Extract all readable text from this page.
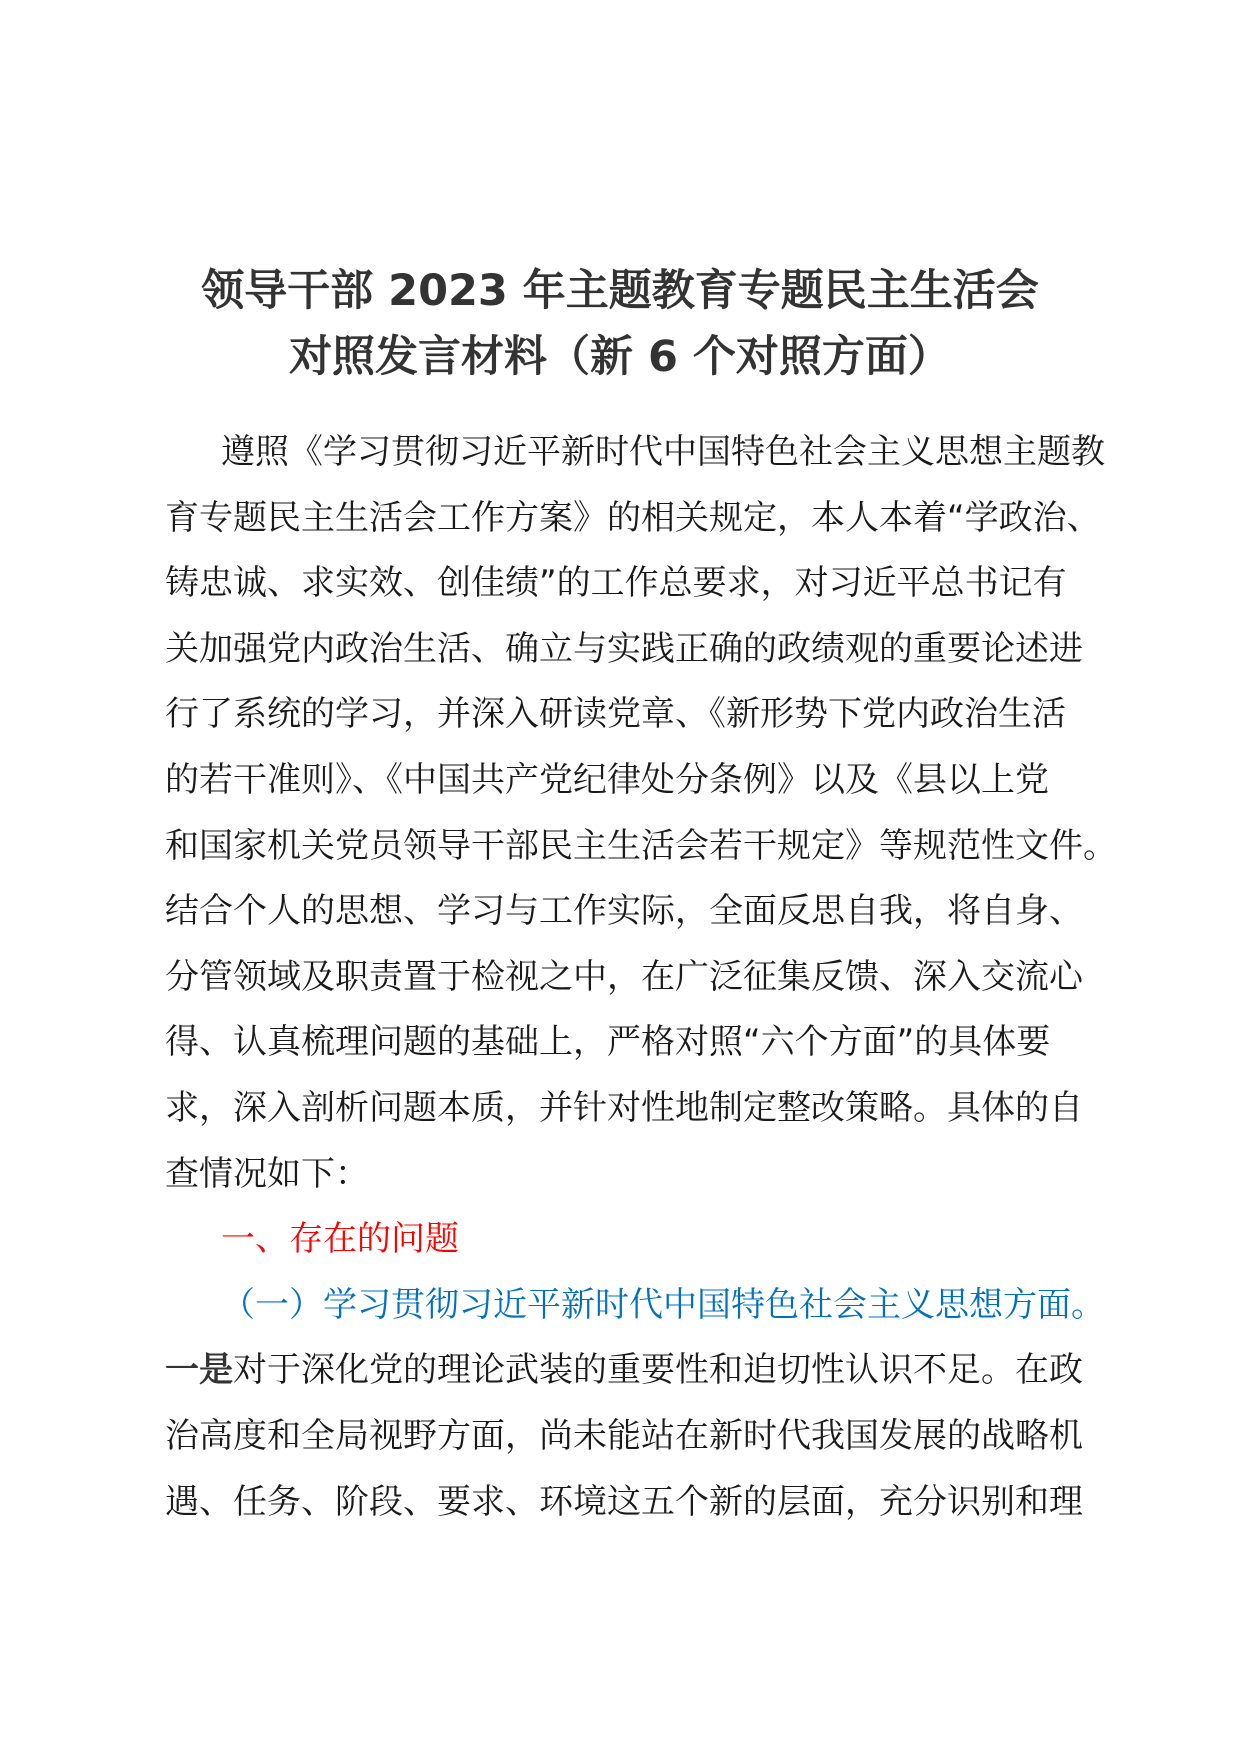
领导干部 2023 年主题教育专题民主生活会
对照发言材料（新 6 个对照方面）
遵照《学习贯彻习近平新时代中国特色社会主义思想主题教
育专题民主生活会工作方案》的相关规定，本人本着“学政治、
铸忠诚、求实效、创佳绩”的工作总要求，对习近平总书记有
关加强党内政治生活、确立与实践正确的政绩观的重要论述进
行了系统的学习，并深入研读党章、《新形势下党内政治生活
的若干准则》、《中国共产党纪律处分条例》以及《县以上党
和国家机关党员领导干部民主生活会若干规定》等规范性文件。
结合个人的思想、学习与工作实际，全面反思自我，将自身、
分管领域及职责置于检视之中，在广泛征集反馈、深入交流心
得、认真梳理问题的基础上，严格对照“六个方面”的具体要
求，深入剖析问题本质，并针对性地制定整改策略。具体的自
查情况如下：
一、存在的问题
（一）学习贯彻习近平新时代中国特色社会主义思想方面。
一是对于深化党的理论武装的重要性和迫切性认识不足。在政
治高度和全局视野方面，尚未能站在新时代我国发展的战略机
遇、任务、阶段、要求、环境这五个新的层面，充分识别和理
